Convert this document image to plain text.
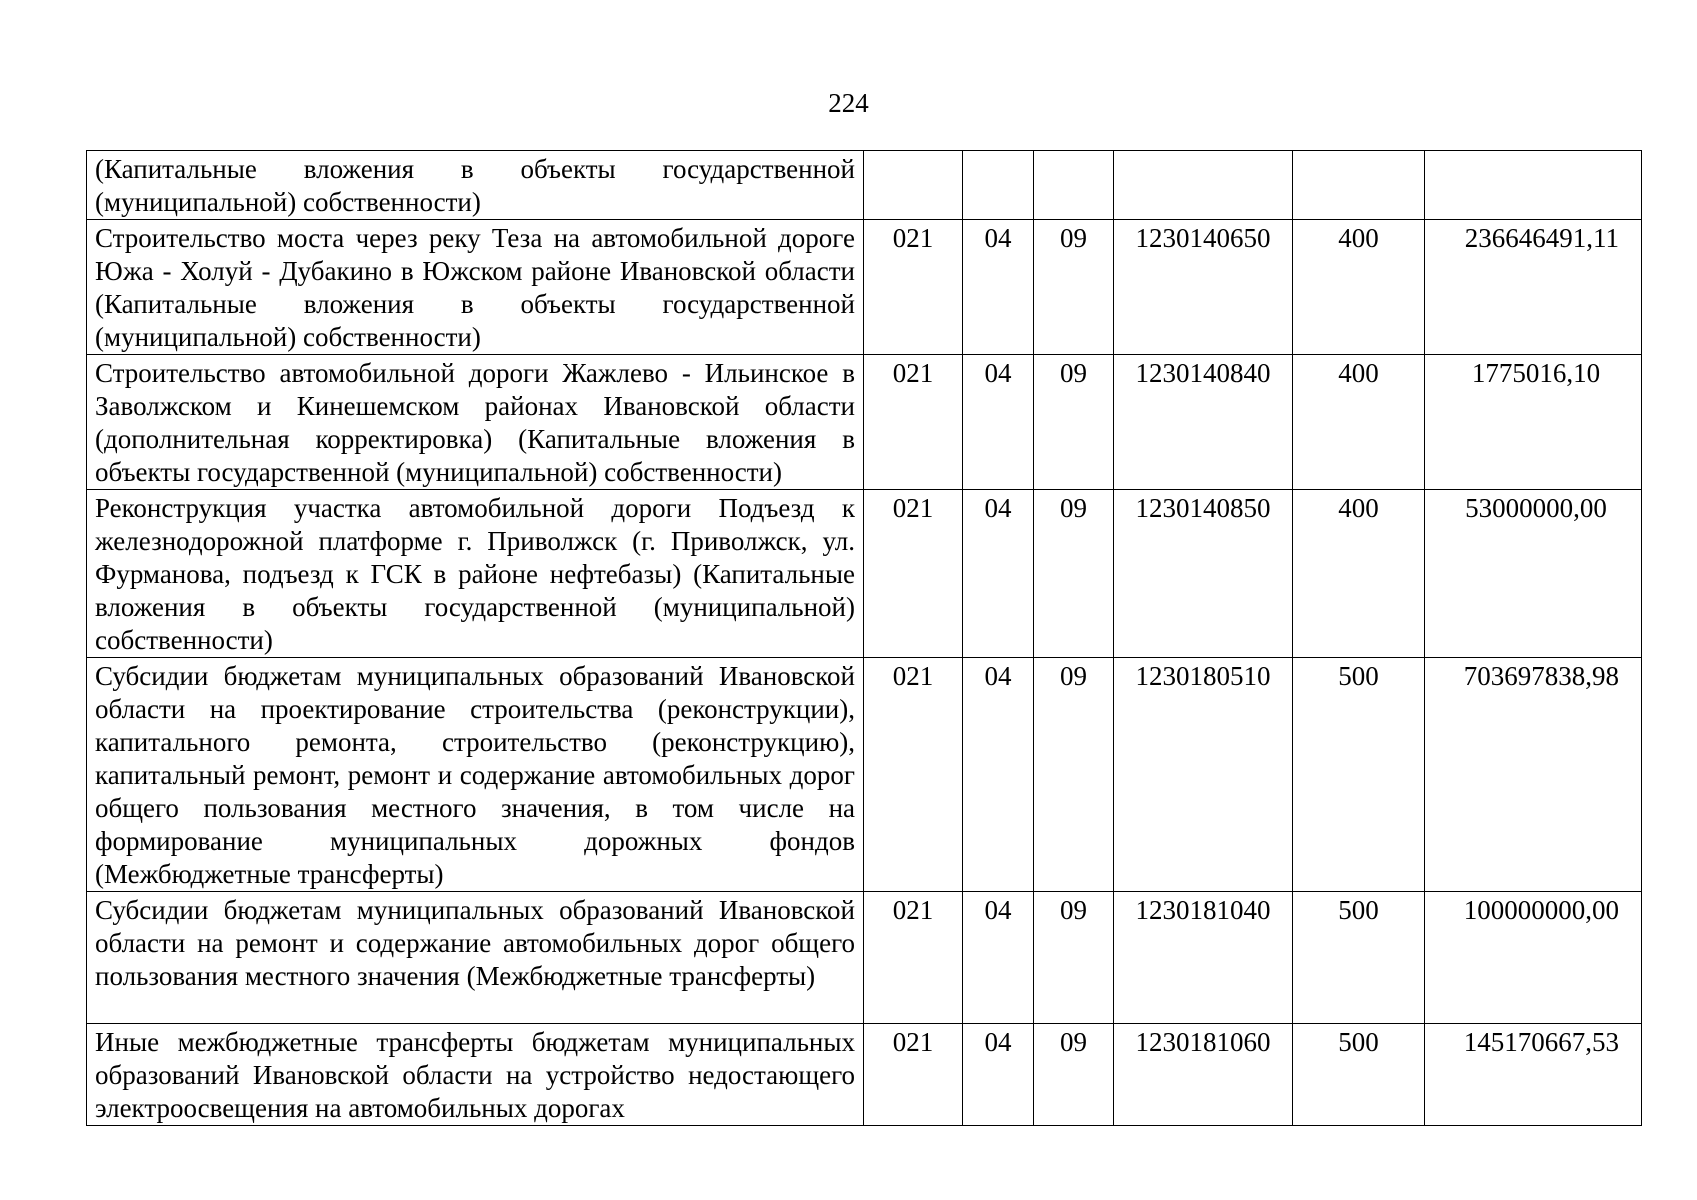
224
(Капитальные вложения в объекты государственной (муниципальной) собственности)						
Строительство моста через реку Теза на автомобильной дороге Южа - Холуй - Дубакино в Южском районе Ивановской области (Капитальные вложения в объекты государственной (муниципальной) собственности)	021	04	09	1230140650	400	236646491,11
Строительство автомобильной дороги Жажлево - Ильинское в Заволжском и Кинешемском районах Ивановской области (дополнительная корректировка) (Капитальные вложения в объекты государственной (муниципальной) собственности)	021	04	09	1230140840	400	1775016,10
Реконструкция участка автомобильной дороги Подъезд к железнодорожной платформе г. Приволжск (г. Приволжск, ул. Фурманова, подъезд к ГСК в районе нефтебазы) (Капитальные вложения в объекты государственной (муниципальной) собственности)	021	04	09	1230140850	400	53000000,00
Субсидии бюджетам муниципальных образований Ивановской области на проектирование строительства (реконструкции), капитального ремонта, строительство (реконструкцию), капитальный ремонт, ремонт и содержание автомобильных дорог общего пользования местного значения, в том числе на формирование муниципальных дорожных фондов (Межбюджетные трансферты)	021	04	09	1230180510	500	703697838,98
Субсидии бюджетам муниципальных образований Ивановской области на ремонт и содержание автомобильных дорог общего пользования местного значения (Межбюджетные трансферты)	021	04	09	1230181040	500	100000000,00
Иные межбюджетные трансферты бюджетам муниципальных образований Ивановской области на устройство недостающего электроосвещения на автомобильных дорогах	021	04	09	1230181060	500	145170667,53
